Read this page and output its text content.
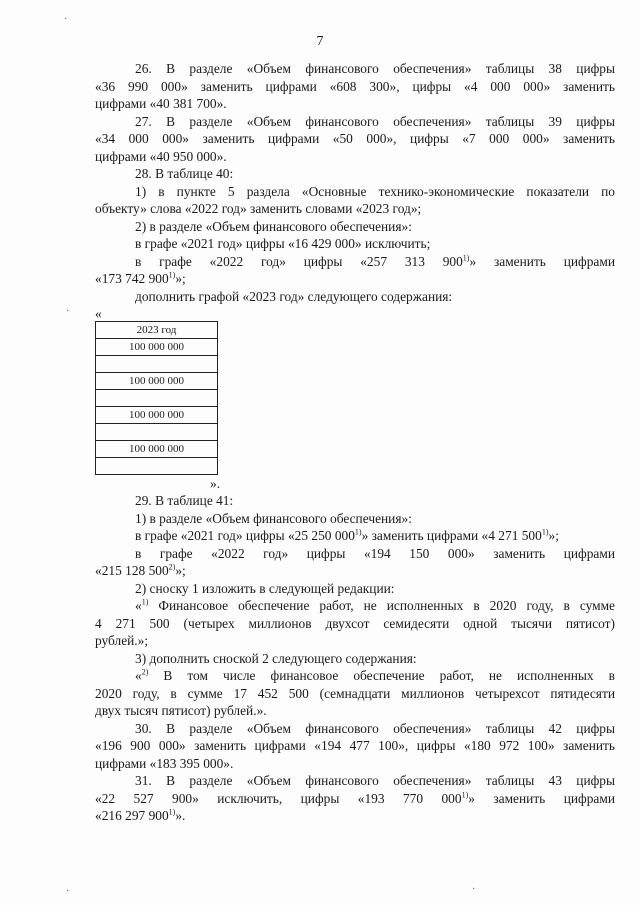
7

26. В разделе «Объем финансового обеспечения» таблицы 38 цифры

«36 990 000» заменить цифрами «608 300», цифры «4 000 000» заменить

цифрами «40 381 700».

27. В разделе «Объем финансового обеспечения» таблицы 39 цифры

«34 000 000» заменить цифрами «50 000», цифры «7 000 000» заменить

цифрами «40 950 000».

28. В таблице 40:

1) в пункте 5 раздела «Основные технико-экономические показатели по

объекту» слова «2022 год» заменить словами «2023 год»;

2) в разделе «Объем финансового обеспечения»:

в графе «2021 год» цифры «16 429 000» исключить;

в графе «2022 год» цифры «257 313 900$^{1)}$» заменить цифрами

«173 742 900$^{1)}$»;

дополнить графой «2023 год» следующего содержания:

«

2023 год
100 000 000

100 000 000

100 000 000

100 000 000

».

29. В таблице 41:

1) в разделе «Объем финансового обеспечения»:

в графе «2021 год» цифры «25 250 000$^{1)}$» заменить цифрами «4 271 500$^{1)}$»;

в графе «2022 год» цифры «194 150 000» заменить цифрами

«215 128 500$^{2)}$»;

2) сноску 1 изложить в следующей редакции:

«$^{1)}$ Финансовое обеспечение работ, не исполненных в 2020 году, в сумме

4 271 500 (четырех миллионов двухсот семидесяти одной тысячи пятисот)

рублей.»;

3) дополнить сноской 2 следующего содержания:

«$^{2)}$ В том числе финансовое обеспечение работ, не исполненных в

2020 году, в сумме 17 452 500 (семнадцати миллионов четырехсот пятидесяти

двух тысяч пятисот) рублей.».

30. В разделе «Объем финансового обеспечения» таблицы 42 цифры

«196 900 000» заменить цифрами «194 477 100», цифры «180 972 100» заменить

цифрами «183 395 000».

31. В разделе «Объем финансового обеспечения» таблицы 43 цифры

«22 527 900» исключить, цифры «193 770 000$^{1)}$» заменить цифрами

«216 297 900$^{1)}$».

·
·
·	·
